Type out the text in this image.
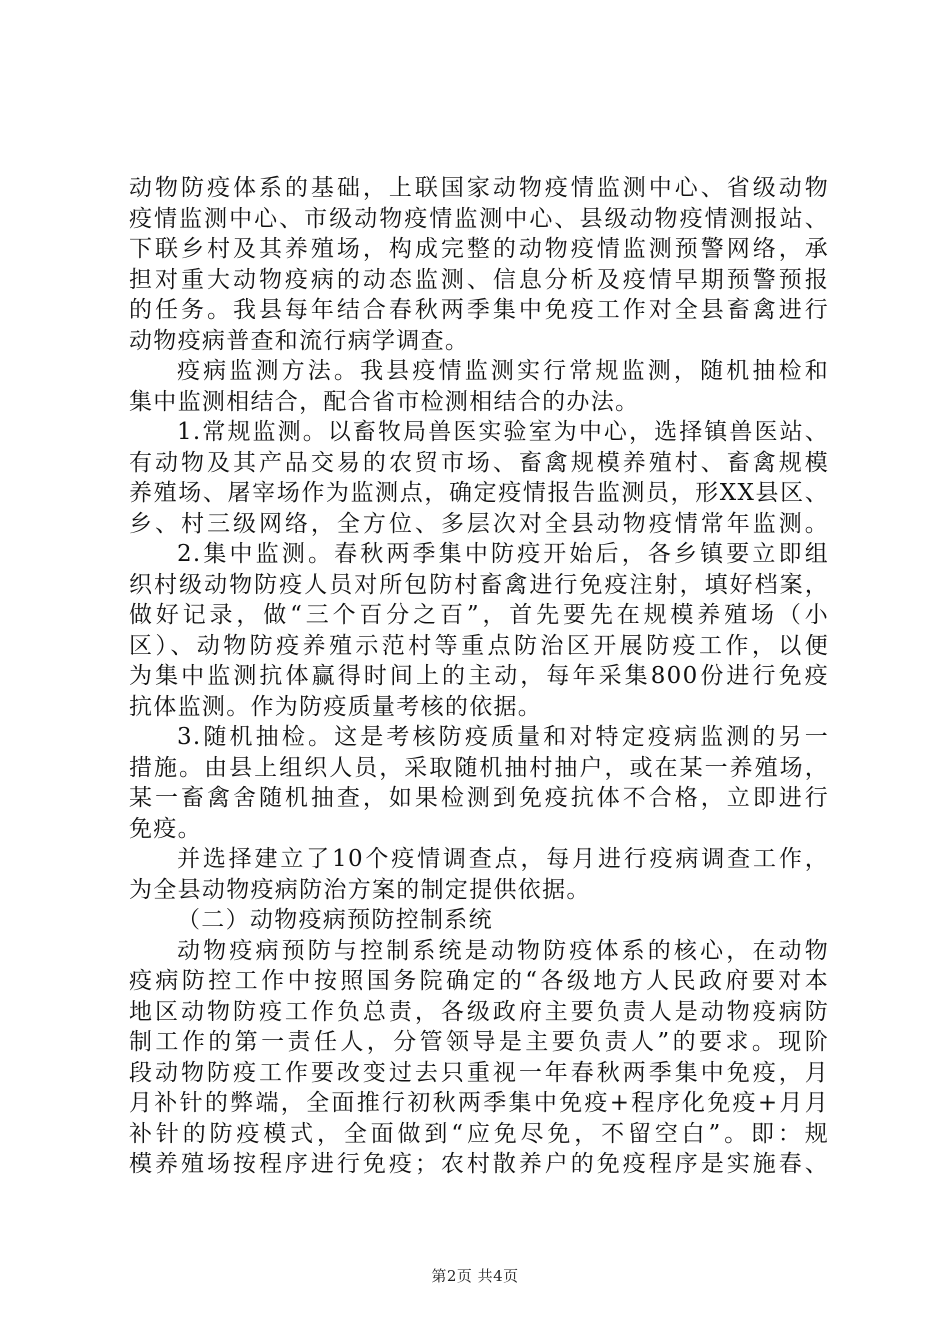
动物防疫体系的基础，上联国家动物疫情监测中心、省级动物
疫情监测中心、市级动物疫情监测中心、县级动物疫情测报站、
下联乡村及其养殖场，构成完整的动物疫情监测预警网络，承
担对重大动物疫病的动态监测、信息分析及疫情早期预警预报
的任务。我县每年结合春秋两季集中免疫工作对全县畜禽进行
动物疫病普查和流行病学调查。
疫病监测方法。我县疫情监测实行常规监测，随机抽检和
集中监测相结合，配合省市检测相结合的办法。
1.常规监测。以畜牧局兽医实验室为中心，选择镇兽医站、
有动物及其产品交易的农贸市场、畜禽规模养殖村、畜禽规模
养殖场、屠宰场作为监测点，确定疫情报告监测员，形XX县区、
乡、村三级网络，全方位、多层次对全县动物疫情常年监测。
2.集中监测。春秋两季集中防疫开始后，各乡镇要立即组
织村级动物防疫人员对所包防村畜禽进行免疫注射，填好档案，
做好记录，做“三个百分之百”，首先要先在规模养殖场（小
区）、动物防疫养殖示范村等重点防治区开展防疫工作，以便
为集中监测抗体赢得时间上的主动，每年采集800份进行免疫
抗体监测。作为防疫质量考核的依据。
3.随机抽检。这是考核防疫质量和对特定疫病监测的另一
措施。由县上组织人员，采取随机抽村抽户，或在某一养殖场，
某一畜禽舍随机抽查，如果检测到免疫抗体不合格，立即进行
免疫。
并选择建立了10个疫情调查点，每月进行疫病调查工作，
为全县动物疫病防治方案的制定提供依据。
（二）动物疫病预防控制系统
动物疫病预防与控制系统是动物防疫体系的核心，在动物
疫病防控工作中按照国务院确定的“各级地方人民政府要对本
地区动物防疫工作负总责，各级政府主要负责人是动物疫病防
制工作的第一责任人，分管领导是主要负责人”的要求。现阶
段动物防疫工作要改变过去只重视一年春秋两季集中免疫，月
月补针的弊端，全面推行初秋两季集中免疫+程序化免疫+月月
补针的防疫模式，全面做到“应免尽免，不留空白”。即：规
模养殖场按程序进行免疫；农村散养户的免疫程序是实施春、
第2页 共4页
